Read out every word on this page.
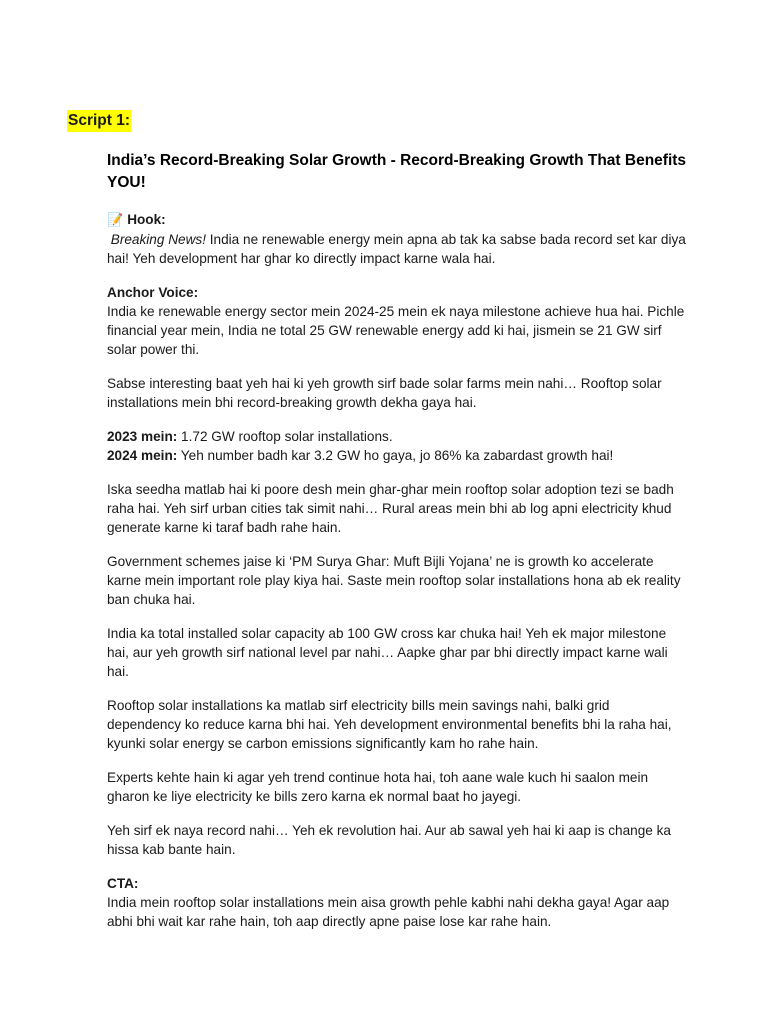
Script 1:
India’s Record-Breaking Solar Growth - Record-Breaking Growth That Benefits YOU!

📝 Hook:

Breaking News! India ne renewable energy mein apna ab tak ka sabse bada record set kar diya hai! Yeh development har ghar ko directly impact karne wala hai.

Anchor Voice:

India ke renewable energy sector mein 2024-25 mein ek naya milestone achieve hua hai. Pichle financial year mein, India ne total 25 GW renewable energy add ki hai, jismein se 21 GW sirf solar power thi.

Sabse interesting baat yeh hai ki yeh growth sirf bade solar farms mein nahi… Rooftop solar installations mein bhi record-breaking growth dekha gaya hai.

2023 mein: 1.72 GW rooftop solar installations.

2024 mein: Yeh number badh kar 3.2 GW ho gaya, jo 86% ka zabardast growth hai!

Iska seedha matlab hai ki poore desh mein ghar-ghar mein rooftop solar adoption tezi se badh raha hai. Yeh sirf urban cities tak simit nahi… Rural areas mein bhi ab log apni electricity khud generate karne ki taraf badh rahe hain.

Government schemes jaise ki ‘PM Surya Ghar: Muft Bijli Yojana’ ne is growth ko accelerate karne mein important role play kiya hai. Saste mein rooftop solar installations hona ab ek reality ban chuka hai.

India ka total installed solar capacity ab 100 GW cross kar chuka hai! Yeh ek major milestone hai, aur yeh growth sirf national level par nahi… Aapke ghar par bhi directly impact karne wali hai.

Rooftop solar installations ka matlab sirf electricity bills mein savings nahi, balki grid dependency ko reduce karna bhi hai. Yeh development environmental benefits bhi la raha hai, kyunki solar energy se carbon emissions significantly kam ho rahe hain.

Experts kehte hain ki agar yeh trend continue hota hai, toh aane wale kuch hi saalon mein gharon ke liye electricity ke bills zero karna ek normal baat ho jayegi.

Yeh sirf ek naya record nahi… Yeh ek revolution hai. Aur ab sawal yeh hai ki aap is change ka hissa kab bante hain.

CTA:

India mein rooftop solar installations mein aisa growth pehle kabhi nahi dekha gaya! Agar aap abhi bhi wait kar rahe hain, toh aap directly apne paise lose kar rahe hain.
